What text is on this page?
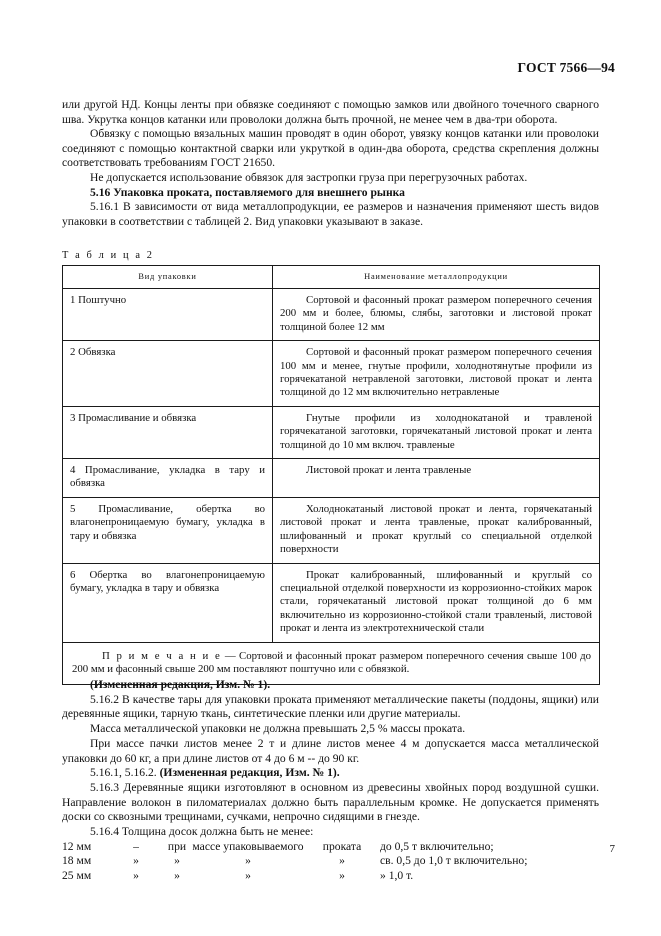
ГОСТ 7566—94

или другой НД. Концы ленты при обвязке соединяют с помощью замков или двойного точечного сварного шва. Укрутка концов катанки или проволоки должна быть прочной, не менее чем в два-три оборота.

Обвязку с помощью вязальных машин проводят в один оборот, увязку концов катанки или проволоки соединяют с помощью контактной сварки или укруткой в один-два оборота, средства скрепления должны соответствовать требованиям ГОСТ 21650.

Не допускается использование обвязок для застропки груза при перегрузочных работах.

5.16 Упаковка проката, поставляемого для внешнего рынка

5.16.1 В зависимости от вида металлопродукции, ее размеров и назначения применяют шесть видов упаковки в соответствии с таблицей 2. Вид упаковки указывают в заказе.

Т а б л и ц а 2
Вид упаковки	Наименование металлопродукции
1 Поштучно	Сортовой и фасонный прокат размером поперечного сечения 200 мм и более, блюмы, слябы, заготовки и листовой прокат толщиной более 12 мм
2 Обвязка	Сортовой и фасонный прокат размером поперечного сечения 100 мм и менее, гнутые профили, холоднотянутые профили из горячекатаной нетравленой заготовки, листовой прокат и лента толщиной до 12 мм включительно нетравленые
3 Промасливание и обвязка	Гнутые профили из холоднокатаной и травленой горячекатаной заготовки, горячекатаный листовой прокат и лента толщиной до 10 мм включ. травленые
4 Промасливание, укладка в тару и обвязка	Листовой прокат и лента травленые
5 Промасливание, обертка во влагонепроницаемую бумагу, укладка в тару и обвязка	Холоднокатаный листовой прокат и лента, горячекатаный листовой прокат и лента травленые, прокат калиброванный, шлифованный и прокат круглый со специальной отделкой поверхности
6 Обертка во влагонепроницаемую бумагу, укладка в тару и обвязка	Прокат калиброванный, шлифованный и круглый со специальной отделкой поверхности из коррозионно-стойких марок стали, горячекатаный листовой прокат толщиной до 6 мм включительно из коррозионно-стойкой стали травленый, листовой прокат и лента из электротехнической стали
П р и м е ч а н и е — Сортовой и фасонный прокат размером поперечного сечения свыше 100 до 200 мм и фасонный свыше 200 мм поставляют поштучно или с обвязкой.	

(Измененная редакция, Изм. № 1).

5.16.2 В качестве тары для упаковки проката применяют металлические пакеты (поддоны, ящики) или деревянные ящики, тарную ткань, синтетические пленки или другие материалы.

Масса металлической упаковки не должна превышать 2,5 % массы проката.

При массе пачки листов менее 2 т и длине листов менее 4 м допускается масса металлической упаковки до 60 кг, а при длине листов от 4 до 6 м -- до 90 кг.

5.16.1, 5.16.2. (Измененная редакция, Изм. № 1).

5.16.3 Деревянные ящики изготовляют в основном из древесины хвойных пород воздушной сушки. Направление волокон в пиломатериалах должно быть параллельным кромке. Не допускается применять доски со сквозными трещинами, сучками, непрочно сидящими в гнезде.

5.16.4 Толщина досок должна быть не менее:

12 мм	–	при массе упаковываемого проката до 0,5 т включительно;
18 мм	»	»	»	»	св. 0,5 до 1,0 т включительно;
25 мм	»	»	»	»	» 1,0 т.
7
